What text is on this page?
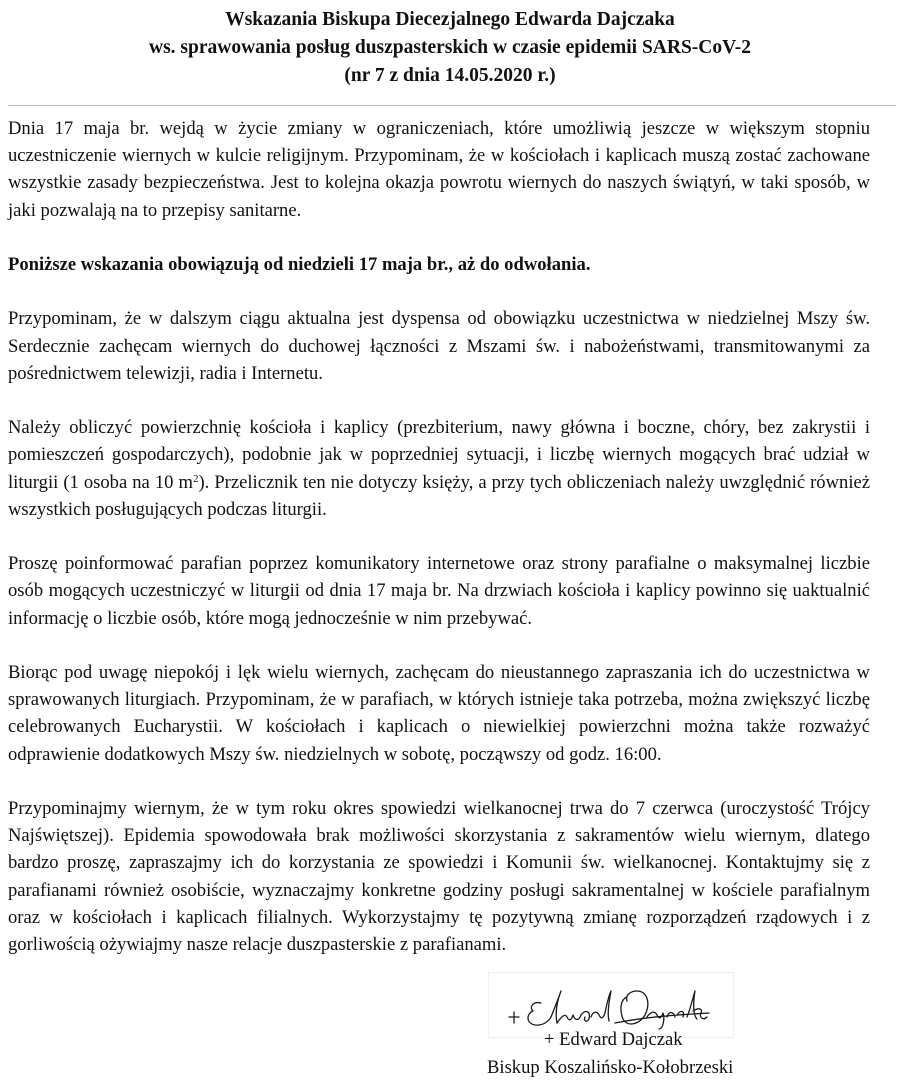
Wskazania Biskupa Diecezjalnego Edwarda Dajczaka
ws. sprawowania posług duszpasterskich w czasie epidemii SARS-CoV-2
(nr 7 z dnia 14.05.2020 r.)

Dnia 17 maja br. wejdą w życie zmiany w ograniczeniach, które umożliwią jeszcze w większym stopniu uczestniczenie wiernych w kulcie religijnym. Przypominam, że w kościołach i kaplicach muszą zostać zachowane wszystkie zasady bezpieczeństwa. Jest to kolejna okazja powrotu wiernych do naszych świątyń, w taki sposób, w jaki pozwalają na to przepisy sanitarne.

Poniższe wskazania obowiązują od niedzieli 17 maja br., aż do odwołania.

Przypominam, że w dalszym ciągu aktualna jest dyspensa od obowiązku uczestnictwa w niedzielnej Mszy św. Serdecznie zachęcam wiernych do duchowej łączności z Mszami św. i nabożeństwami, transmitowanymi za pośrednictwem telewizji, radia i Internetu.

Należy obliczyć powierzchnię kościoła i kaplicy (prezbiterium, nawy główna i boczne, chóry, bez zakrystii i pomieszczeń gospodarczych), podobnie jak w poprzedniej sytuacji, i liczbę wiernych mogących brać udział w liturgii (1 osoba na 10 $m^2$). Przelicznik ten nie dotyczy księży, a przy tych obliczeniach należy uwzględnić również wszystkich posługujących podczas liturgii.

Proszę poinformować parafian poprzez komunikatory internetowe oraz strony parafialne o maksymalnej liczbie osób mogących uczestniczyć w liturgii od dnia 17 maja br. Na drzwiach kościoła i kaplicy powinno się uaktualnić informację o liczbie osób, które mogą jednocześnie w nim przebywać.

Biorąc pod uwagę niepokój i lęk wielu wiernych, zachęcam do nieustannego zapraszania ich do uczestnictwa w sprawowanych liturgiach. Przypominam, że w parafiach, w których istnieje taka potrzeba, można zwiększyć liczbę celebrowanych Eucharystii. W kościołach i kaplicach o niewielkiej powierzchni można także rozważyć odprawienie dodatkowych Mszy św. niedzielnych w sobotę, począwszy od godz. 16:00.

Przypominajmy wiernym, że w tym roku okres spowiedzi wielkanocnej trwa do 7 czerwca (uroczystość Trójcy Najświętszej). Epidemia spowodowała brak możliwości skorzystania z sakramentów wielu wiernym, dlatego bardzo proszę, zapraszajmy ich do korzystania ze spowiedzi i Komunii św. wielkanocnej. Kontaktujmy się z parafianami również osobiście, wyznaczajmy konkretne godziny posługi sakramentalnej w kościele parafialnym oraz w kościołach i kaplicach filialnych. Wykorzystajmy tę pozytywną zmianę rozporządzeń rządowych i z gorliwością ożywiajmy nasze relacje duszpasterskie z parafianami.

+ Edward Dajczak
Biskup Koszalińsko-Kołobrzeski
